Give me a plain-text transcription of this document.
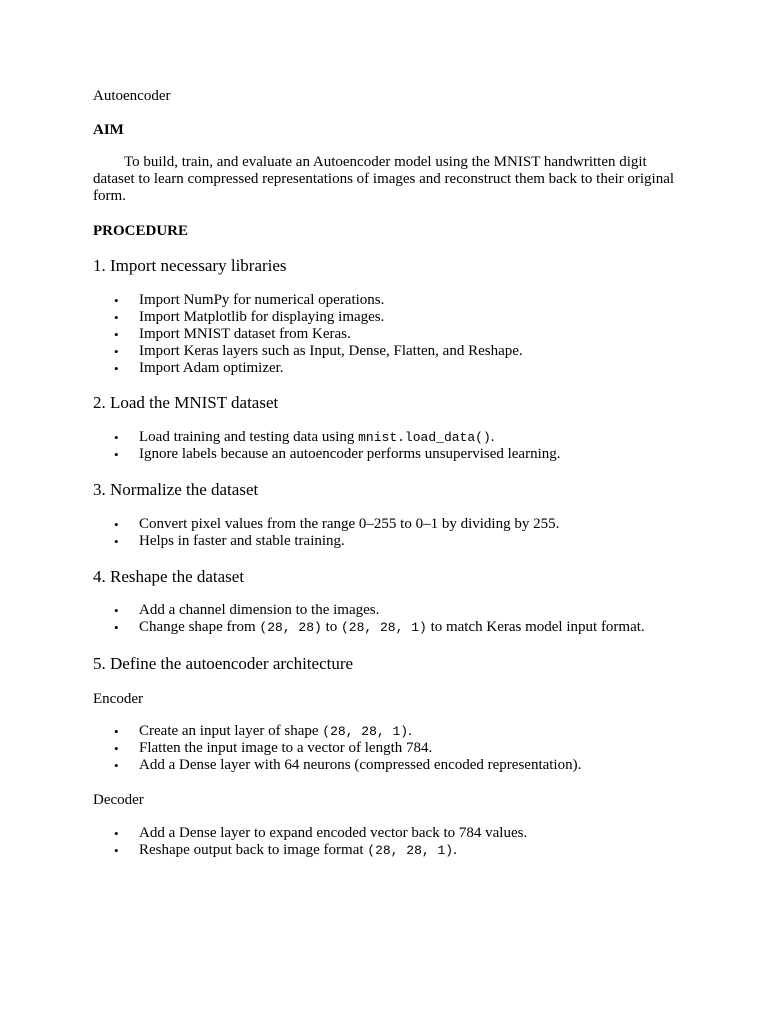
Autoencoder

AIM

To build, train, and evaluate an Autoencoder model using the MNIST handwritten digit dataset to learn compressed representations of images and reconstruct them back to their original form.

PROCEDURE

1. Import necessary libraries
• Import NumPy for numerical operations.
• Import Matplotlib for displaying images.
• Import MNIST dataset from Keras.
• Import Keras layers such as Input, Dense, Flatten, and Reshape.
• Import Adam optimizer.
2. Load the MNIST dataset
• Load training and testing data using mnist.load_data().
• Ignore labels because an autoencoder performs unsupervised learning.
3. Normalize the dataset
• Convert pixel values from the range 0–255 to 0–1 by dividing by 255.
• Helps in faster and stable training.
4. Reshape the dataset
• Add a channel dimension to the images.
• Change shape from (28, 28) to (28, 28, 1) to match Keras model input format.
5. Define the autoencoder architecture

Encoder

• Create an input layer of shape (28, 28, 1).
• Flatten the input image to a vector of length 784.
• Add a Dense layer with 64 neurons (compressed encoded representation).

Decoder

• Add a Dense layer to expand encoded vector back to 784 values.
• Reshape output back to image format (28, 28, 1).
